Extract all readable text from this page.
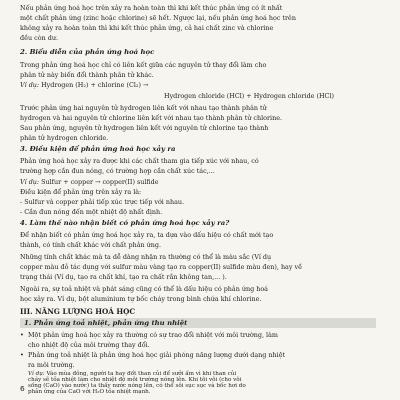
Nếu phản ứng hoá học trên xảy ra hoàn toàn thì khi kết thúc phản ứng có ít nhất
một chất phản ứng (zinc hoặc chlorine) sẽ hết. Ngược lại, nếu phản ứng hoá học trên
không xảy ra hoàn toàn thì khi kết thúc phản ứng, cả hai chất zinc và chlorine
đều còn dư.
2. Biểu diễn của phản ứng hoá học
Trong phản ứng hoá học chỉ có liên kết giữa các nguyên tử thay đổi làm cho
phân tử này biến đổi thành phân tử khác.
Ví dụ: Hydrogen (H₂) + chlorine (Cl₂) →
Hydrogen chloride (HCl) + Hydrogen chloride (HCl)
Trước phản ứng hai nguyên tử hydrogen liên kết với nhau tạo thành phân tử
hydrogen và hai nguyên tử chlorine liên kết với nhau tạo thành phân tử chlorine.
Sau phản ứng, nguyên tử hydrogen liên kết với nguyên tử chlorine tạo thành
phân tử hydrogen chloride.
3. Điều kiện để phản ứng hoá học xảy ra
Phản ứng hoá học xảy ra được khi các chất tham gia tiếp xúc với nhau, có
trường hợp cần đun nóng, có trường hợp cần chất xúc tác,...
Ví dụ: Sulfur + copper → copper(II) sulfide
Điều kiện để phản ứng trên xảy ra là:
- Sulfur và copper phải tiếp xúc trực tiếp với nhau.
- Cần đun nóng đến một nhiệt độ nhất định.
4. Làm thế nào nhận biết có phản ứng hoá học xảy ra?
Để nhận biết có phản ứng hoá học xảy ra, ta dựa vào dấu hiệu có chất mới tạo
thành, có tính chất khác với chất phản ứng.
Những tính chất khác mà ta dễ dàng nhận ra thường có thể là màu sắc (Ví dụ
copper màu đỏ tác dụng với sulfur màu vàng tạo ra copper(II) sulfide màu đen), hay về
trạng thái (Ví dụ, tạo ra chất khí, tạo ra chất rắn không tan,... ).
Ngoài ra, sự toả nhiệt và phát sáng cũng có thể là dấu hiệu có phản ứng hoá
học xảy ra. Ví dụ, bột aluminium tự bốc cháy trong bình chứa khí chlorine.
III. NĂNG LƯỢNG HOÁ HỌC
1. Phản ứng toả nhiệt, phản ứng thu nhiệt
• Một phản ứng hoá học xảy ra thường có sự trao đổi nhiệt với môi trường, làm
cho nhiệt độ của môi trường thay đổi.
• Phản ứng toả nhiệt là phản ứng hoá học giải phóng năng lượng dưới dạng nhiệt
ra môi trường.
6
Ví dụ: Vào mùa đông, người ta hay đốt than củi để sưởi ấm vì khi than củi
cháy sẽ tỏa nhiệt làm cho nhiệt độ môi trường nóng lên. Khi tôi vôi (cho vôi
sống (CaO) vào nước) ta thấy nước nóng lên, có thể sôi sục sục và bốc hơi do
phản ứng của CaO với H₂O tỏa nhiệt mạnh.
